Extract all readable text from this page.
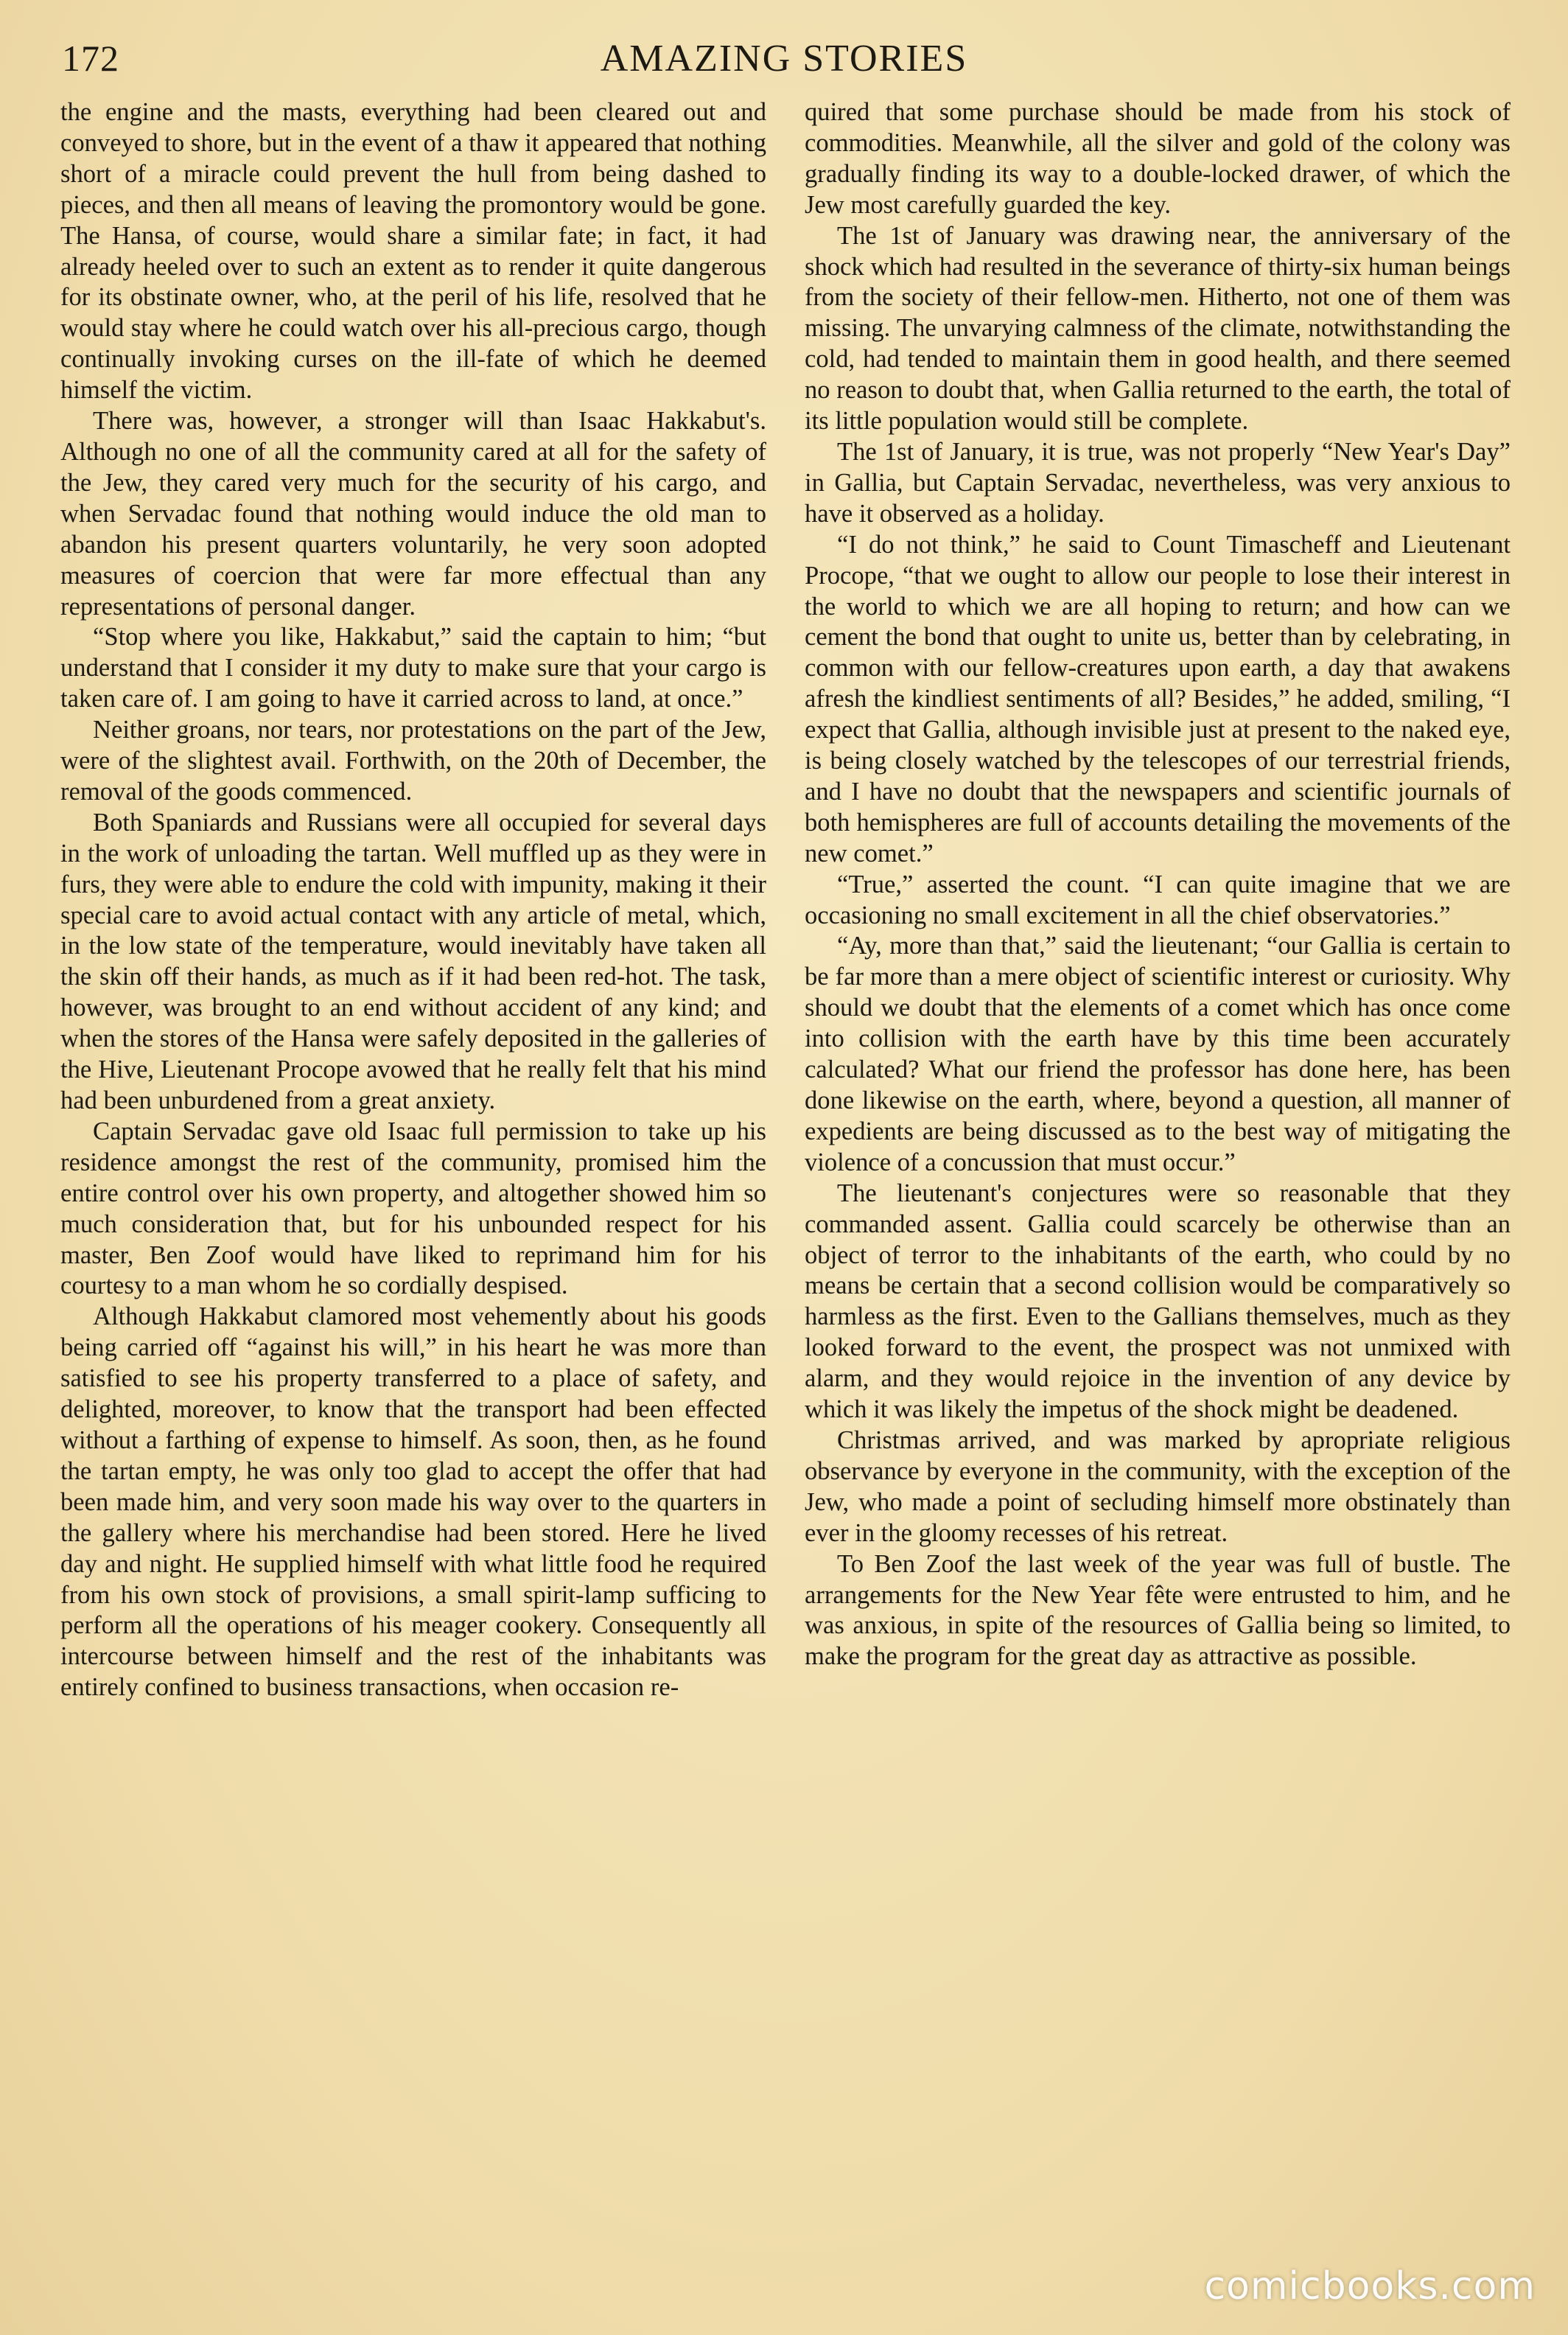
172	AMAZING STORIES

the engine and the masts, everything had been cleared out and conveyed to shore, but in the event of a thaw it appeared that nothing short of a miracle could prevent the hull from being dashed to pieces, and then all means of leaving the promontory would be gone. The Hansa, of course, would share a similar fate; in fact, it had already heeled over to such an extent as to render it quite dangerous for its obstinate owner, who, at the peril of his life, resolved that he would stay where he could watch over his all-precious cargo, though continually invoking curses on the ill-fate of which he deemed himself the victim.

There was, however, a stronger will than Isaac Hakkabut's. Although no one of all the community cared at all for the safety of the Jew, they cared very much for the security of his cargo, and when Servadac found that nothing would induce the old man to abandon his present quarters voluntarily, he very soon adopted measures of coercion that were far more effectual than any representations of personal danger.

“Stop where you like, Hakkabut,” said the captain to him; “but understand that I consider it my duty to make sure that your cargo is taken care of. I am going to have it carried across to land, at once.”

Neither groans, nor tears, nor protestations on the part of the Jew, were of the slightest avail. Forthwith, on the 20th of December, the removal of the goods commenced.

Both Spaniards and Russians were all occupied for several days in the work of unloading the tartan. Well muffled up as they were in furs, they were able to endure the cold with impunity, making it their special care to avoid actual contact with any article of metal, which, in the low state of the temperature, would inevitably have taken all the skin off their hands, as much as if it had been red-hot. The task, however, was brought to an end without accident of any kind; and when the stores of the Hansa were safely deposited in the galleries of the Hive, Lieutenant Procope avowed that he really felt that his mind had been unburdened from a great anxiety.

Captain Servadac gave old Isaac full permission to take up his residence amongst the rest of the community, promised him the entire control over his own property, and altogether showed him so much consideration that, but for his unbounded respect for his master, Ben Zoof would have liked to reprimand him for his courtesy to a man whom he so cordially despised.

Although Hakkabut clamored most vehemently about his goods being carried off “against his will,” in his heart he was more than satisfied to see his property transferred to a place of safety, and delighted, moreover, to know that the transport had been effected without a farthing of expense to himself. As soon, then, as he found the tartan empty, he was only too glad to accept the offer that had been made him, and very soon made his way over to the quarters in the gallery where his merchandise had been stored. Here he lived day and night. He supplied himself with what little food he required from his own stock of provisions, a small spirit-lamp sufficing to perform all the operations of his meager cookery. Consequently all intercourse between himself and the rest of the inhabitants was entirely confined to business transactions, when occasion re-

quired that some purchase should be made from his stock of commodities. Meanwhile, all the silver and gold of the colony was gradually finding its way to a double-locked drawer, of which the Jew most carefully guarded the key.

The 1st of January was drawing near, the anniversary of the shock which had resulted in the severance of thirty-six human beings from the society of their fellow-men. Hitherto, not one of them was missing. The unvarying calmness of the climate, notwithstanding the cold, had tended to maintain them in good health, and there seemed no reason to doubt that, when Gallia returned to the earth, the total of its little population would still be complete.

The 1st of January, it is true, was not properly “New Year's Day” in Gallia, but Captain Servadac, nevertheless, was very anxious to have it observed as a holiday.

“I do not think,” he said to Count Timascheff and Lieutenant Procope, “that we ought to allow our people to lose their interest in the world to which we are all hoping to return; and how can we cement the bond that ought to unite us, better than by celebrating, in common with our fellow-creatures upon earth, a day that awakens afresh the kindliest sentiments of all? Besides,” he added, smiling, “I expect that Gallia, although invisible just at present to the naked eye, is being closely watched by the telescopes of our terrestrial friends, and I have no doubt that the newspapers and scientific journals of both hemispheres are full of accounts detailing the movements of the new comet.”

“True,” asserted the count. “I can quite imagine that we are occasioning no small excitement in all the chief observatories.”

“Ay, more than that,” said the lieutenant; “our Gallia is certain to be far more than a mere object of scientific interest or curiosity. Why should we doubt that the elements of a comet which has once come into collision with the earth have by this time been accurately calculated? What our friend the professor has done here, has been done likewise on the earth, where, beyond a question, all manner of expedients are being discussed as to the best way of mitigating the violence of a concussion that must occur.”

The lieutenant's conjectures were so reasonable that they commanded assent. Gallia could scarcely be otherwise than an object of terror to the inhabitants of the earth, who could by no means be certain that a second collision would be comparatively so harmless as the first. Even to the Gallians themselves, much as they looked forward to the event, the prospect was not unmixed with alarm, and they would rejoice in the invention of any device by which it was likely the impetus of the shock might be deadened.

Christmas arrived, and was marked by apropriate religious observance by everyone in the community, with the exception of the Jew, who made a point of secluding himself more obstinately than ever in the gloomy recesses of his retreat.

To Ben Zoof the last week of the year was full of bustle. The arrangements for the New Year fête were entrusted to him, and he was anxious, in spite of the resources of Gallia being so limited, to make the program for the great day as attractive as possible.

comicbooks.com
